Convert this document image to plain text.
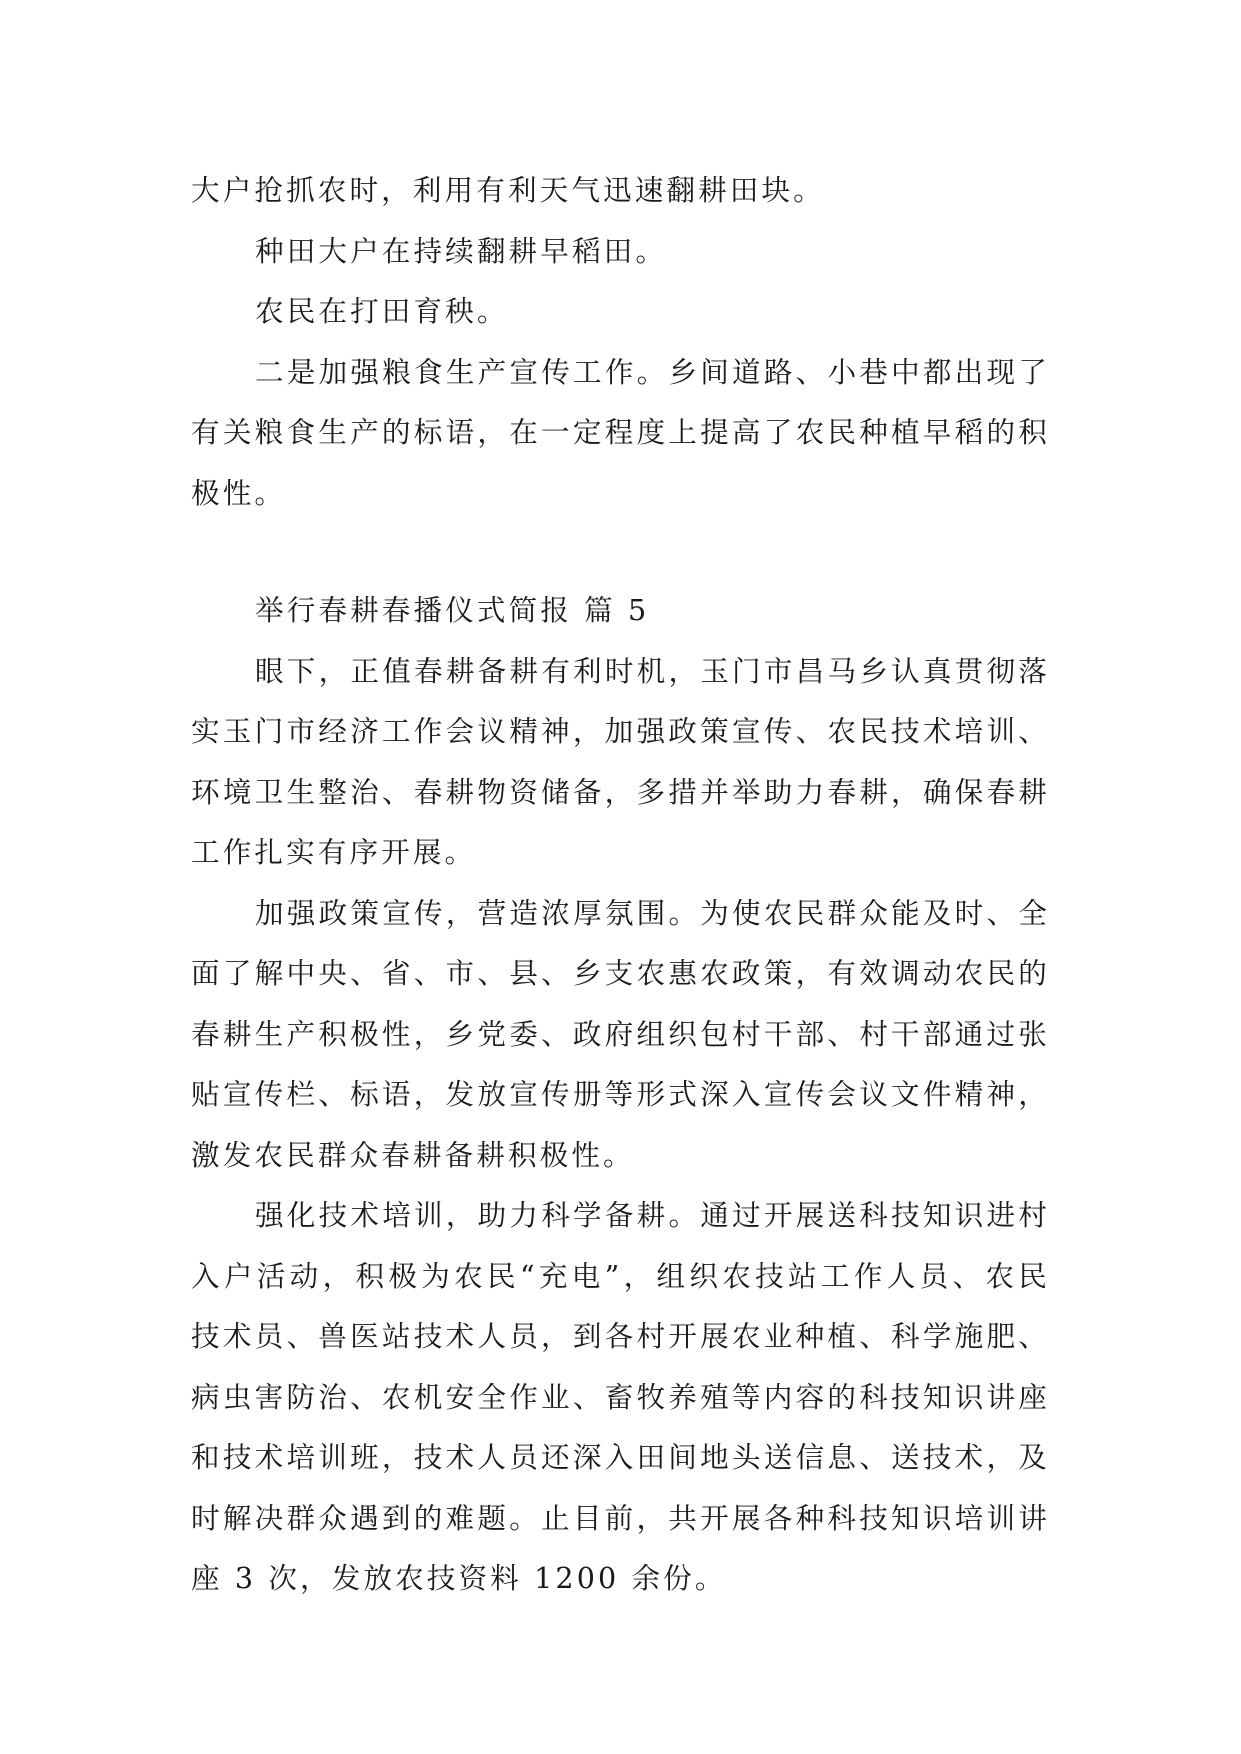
大户抢抓农时，利用有利天气迅速翻耕田块。

种田大户在持续翻耕早稻田。

农民在打田育秧。

二是加强粮食生产宣传工作。乡间道路、小巷中都出现了有关粮食生产的标语，在一定程度上提高了农民种植早稻的积极性。

举行春耕春播仪式简报 篇 5

眼下，正值春耕备耕有利时机，玉门市昌马乡认真贯彻落实玉门市经济工作会议精神，加强政策宣传、农民技术培训、环境卫生整治、春耕物资储备，多措并举助力春耕，确保春耕工作扎实有序开展。

加强政策宣传，营造浓厚氛围。为使农民群众能及时、全面了解中央、省、市、县、乡支农惠农政策，有效调动农民的春耕生产积极性，乡党委、政府组织包村干部、村干部通过张贴宣传栏、标语，发放宣传册等形式深入宣传会议文件精神，激发农民群众春耕备耕积极性。

强化技术培训，助力科学备耕。通过开展送科技知识进村入户活动，积极为农民“充电”，组织农技站工作人员、农民技术员、兽医站技术人员，到各村开展农业种植、科学施肥、病虫害防治、农机安全作业、畜牧养殖等内容的科技知识讲座和技术培训班，技术人员还深入田间地头送信息、送技术，及时解决群众遇到的难题。止目前，共开展各种科技知识培训讲座 3 次，发放农技资料 1200 余份。
